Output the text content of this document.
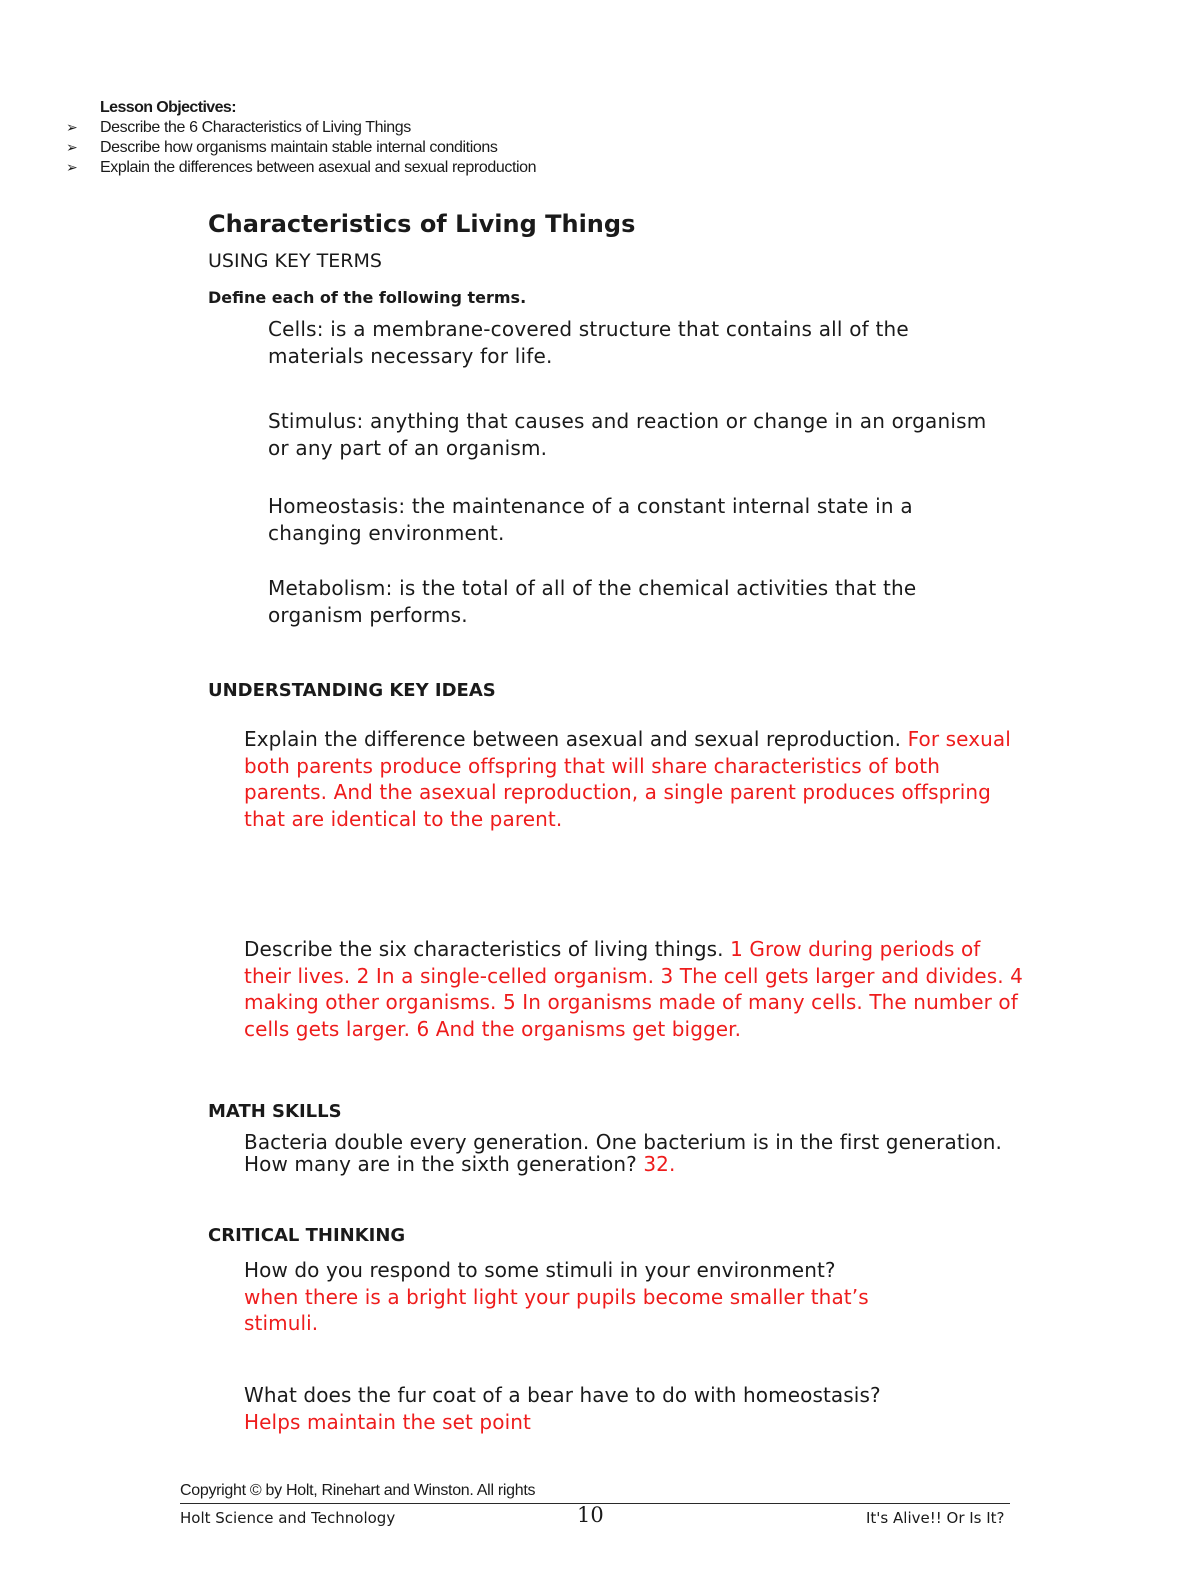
Lesson Objectives:
➢ Describe the 6 Characteristics of Living Things
➢ Describe how organisms maintain stable internal conditions
➢ Explain the differences between asexual and sexual reproduction
Characteristics of Living Things
USING KEY TERMS
Define each of the following terms.
Cells: is a membrane-covered structure that contains all of the materials necessary for life.
Stimulus: anything that causes and reaction or change in an organism or any part of an organism.
Homeostasis: the maintenance of a constant internal state in a changing environment.
Metabolism: is the total of all of the chemical activities that the organism performs.
UNDERSTANDING KEY IDEAS
Explain the difference between asexual and sexual reproduction. For sexual both parents produce offspring that will share characteristics of both parents. And the asexual reproduction, a single parent produces offspring that are identical to the parent.
Describe the six characteristics of living things. 1 Grow during periods of their lives. 2 In a single-celled organism. 3 The cell gets larger and divides. 4 making other organisms. 5 In organisms made of many cells. The number of cells gets larger. 6 And the organisms get bigger.
MATH SKILLS
Bacteria double every generation. One bacterium is in the first generation. How many are in the sixth generation? 32.
CRITICAL THINKING
How do you respond to some stimuli in your environment? when there is a bright light your pupils become smaller that’s stimuli.
What does the fur coat of a bear have to do with homeostasis? Helps maintain the set point
Copyright © by Holt, Rinehart and Winston. All rights
Holt Science and Technology	10	It's Alive!! Or Is It?
